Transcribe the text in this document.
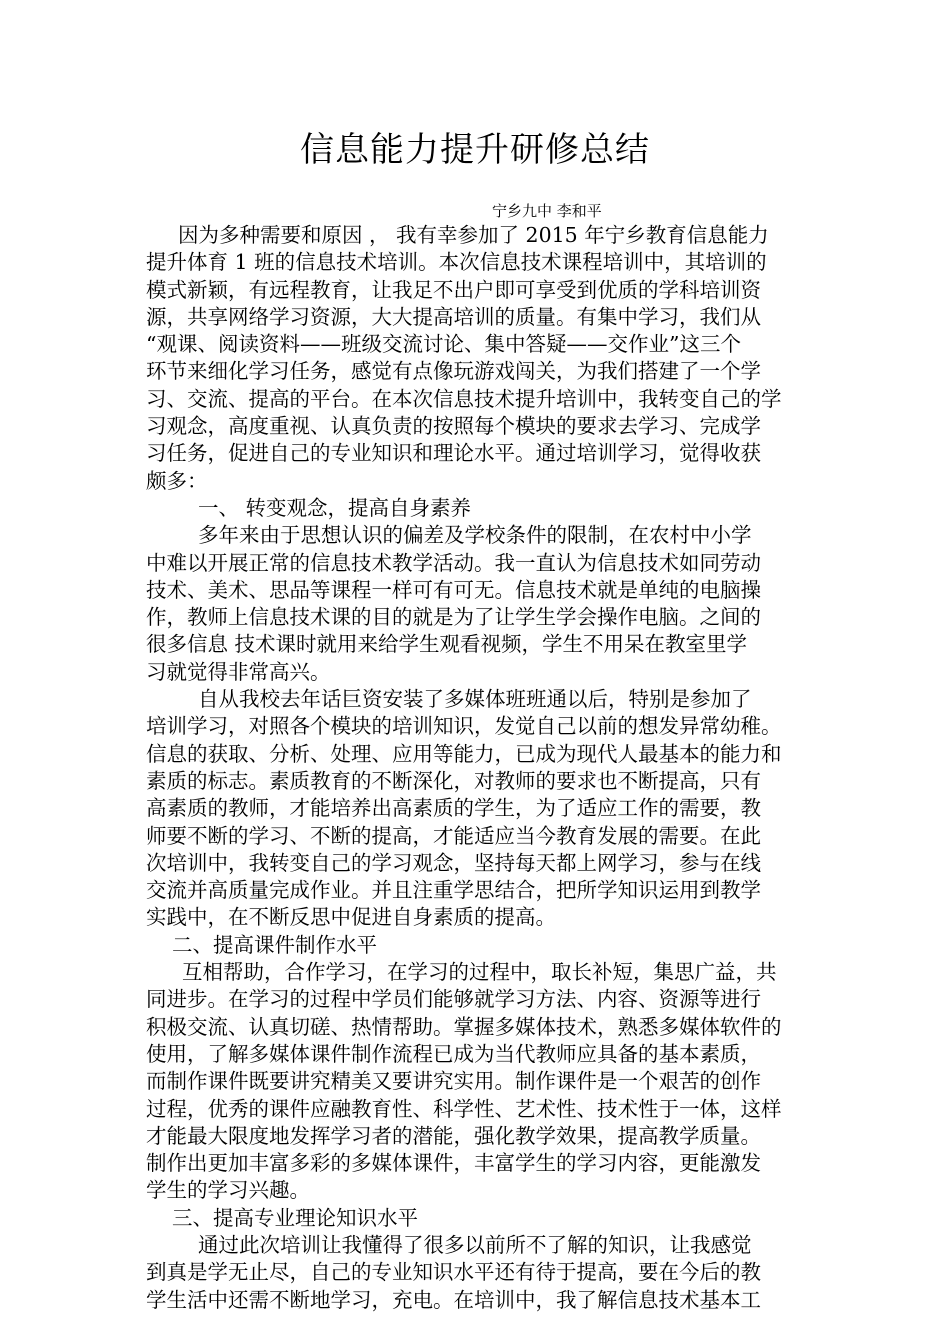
信息能力提升研修总结
宁乡九中 李和平
因为多种需要和原因 ， 我有幸参加了 2015 年宁乡教育信息能力
提升体育 1 班的信息技术培训。本次信息技术课程培训中，其培训的
模式新颖，有远程教育，让我足不出户即可享受到优质的学科培训资
源，共享网络学习资源，大大提高培训的质量。有集中学习，我们从
“观课、阅读资料——班级交流讨论、集中答疑——交作业”这三个
环节来细化学习任务，感觉有点像玩游戏闯关，为我们搭建了一个学
习、交流、提高的平台。在本次信息技术提升培训中，我转变自己的学
习观念，高度重视、认真负责的按照每个模块的要求去学习、完成学
习任务，促进自己的专业知识和理论水平。通过培训学习，觉得收获
颇多：
一、 转变观念，提高自身素养
多年来由于思想认识的偏差及学校条件的限制，在农村中小学
中难以开展正常的信息技术教学活动。我一直认为信息技术如同劳动
技术、美术、思品等课程一样可有可无。信息技术就是单纯的电脑操
作，教师上信息技术课的目的就是为了让学生学会操作电脑。之间的
很多信息 技术课时就用来给学生观看视频，学生不用呆在教室里学
习就觉得非常高兴。
自从我校去年话巨资安装了多媒体班班通以后，特别是参加了
培训学习，对照各个模块的培训知识，发觉自己以前的想发异常幼稚。
信息的获取、分析、处理、应用等能力，已成为现代人最基本的能力和
素质的标志。素质教育的不断深化，对教师的要求也不断提高，只有
高素质的教师，才能培养出高素质的学生，为了适应工作的需要，教
师要不断的学习、不断的提高，才能适应当今教育发展的需要。在此
次培训中，我转变自己的学习观念，坚持每天都上网学习，参与在线
交流并高质量完成作业。并且注重学思结合，把所学知识运用到教学
实践中，在不断反思中促进自身素质的提高。
二、提高课件制作水平
互相帮助，合作学习，在学习的过程中，取长补短，集思广益，共
同进步。在学习的过程中学员们能够就学习方法、内容、资源等进行
积极交流、认真切磋、热情帮助。掌握多媒体技术，熟悉多媒体软件的
使用，了解多媒体课件制作流程已成为当代教师应具备的基本素质，
而制作课件既要讲究精美又要讲究实用。制作课件是一个艰苦的创作
过程，优秀的课件应融教育性、科学性、艺术性、技术性于一体，这样
才能最大限度地发挥学习者的潜能，强化教学效果，提高教学质量。
制作出更加丰富多彩的多媒体课件，丰富学生的学习内容，更能激发
学生的学习兴趣。
三、提高专业理论知识水平
通过此次培训让我懂得了很多以前所不了解的知识，让我感觉
到真是学无止尽，自己的专业知识水平还有待于提高，要在今后的教
学生活中还需不断地学习，充电。在培训中，我了解信息技术基本工
